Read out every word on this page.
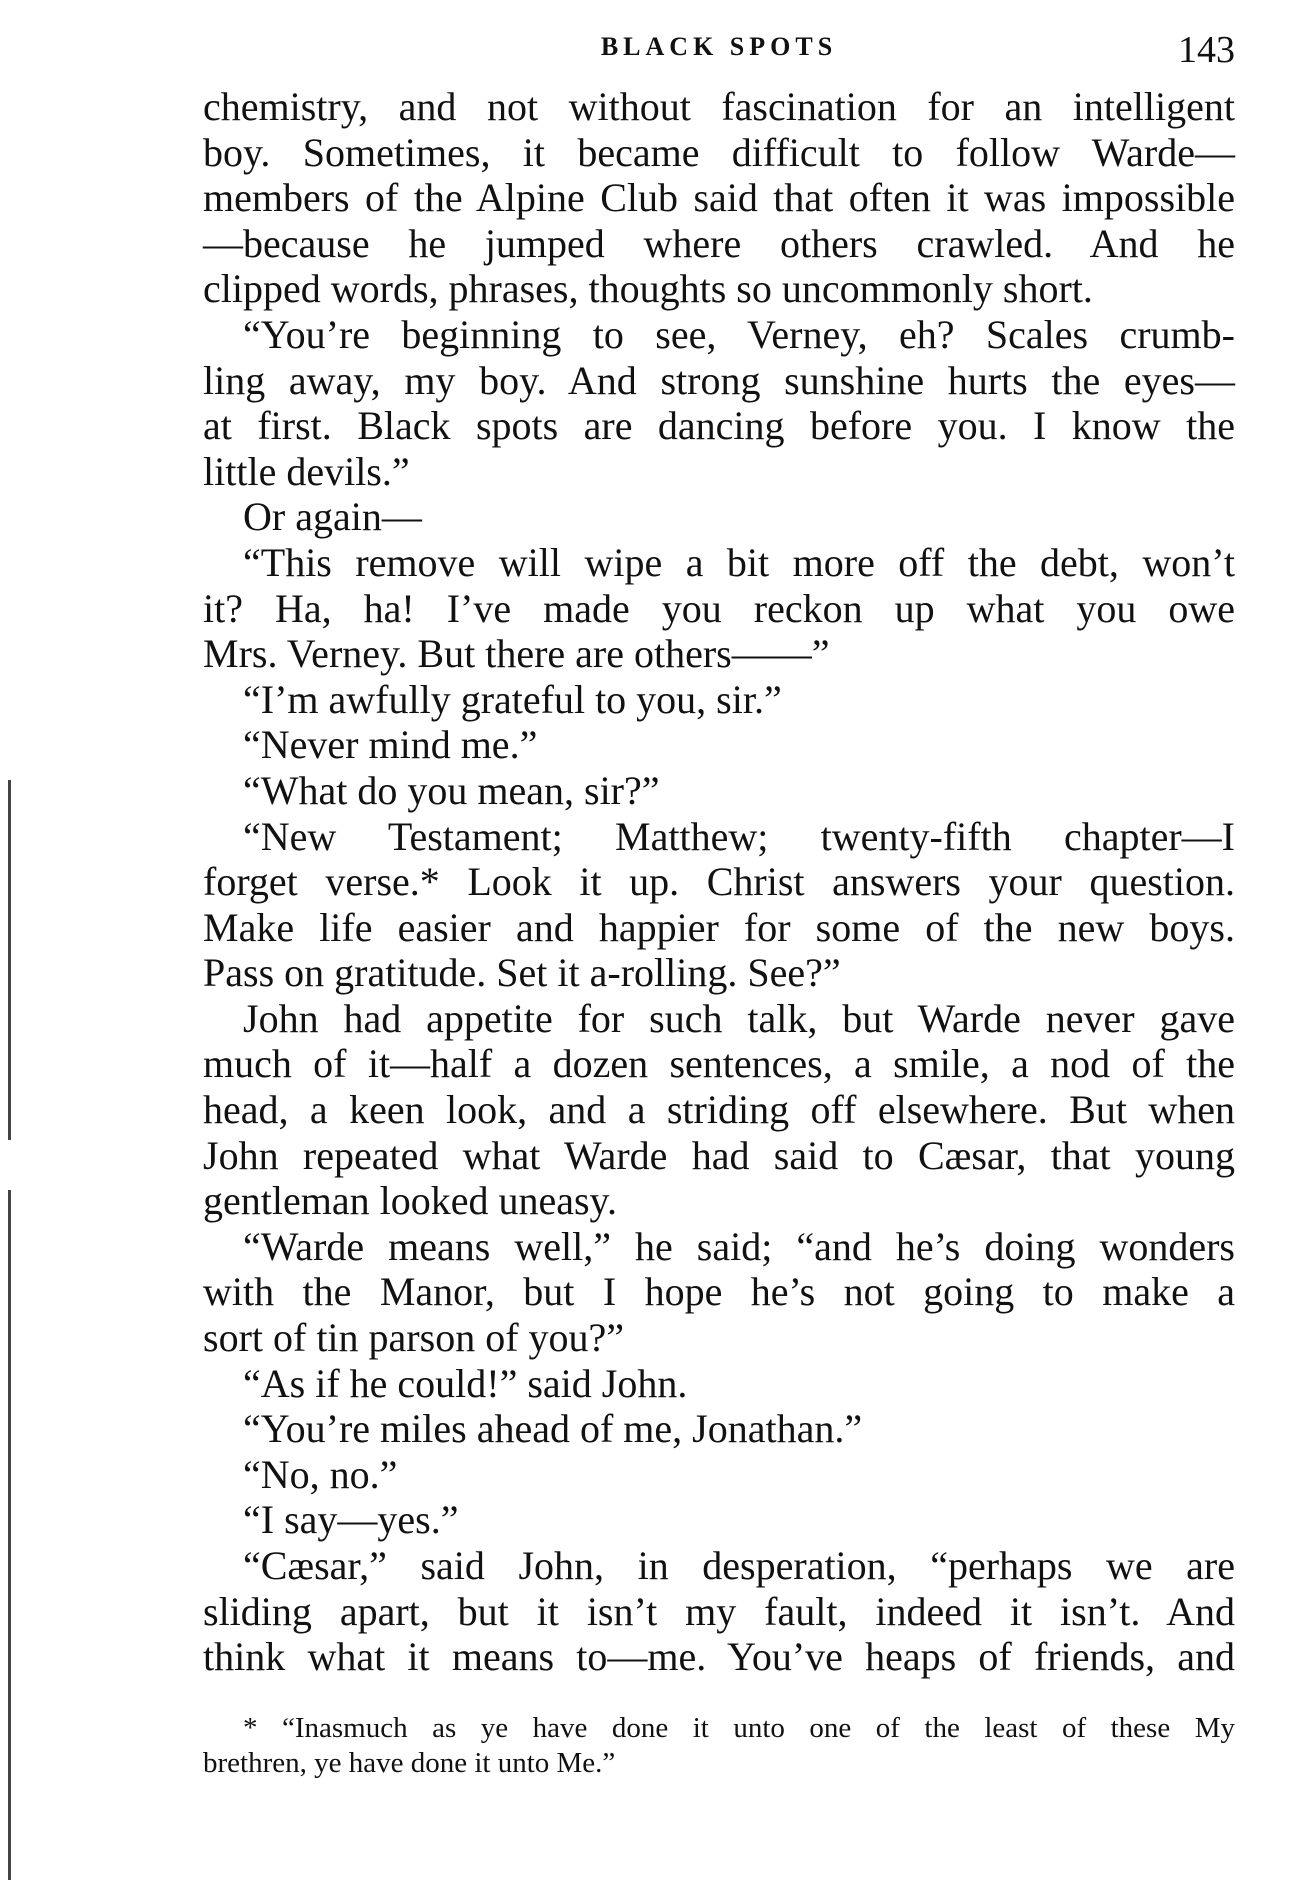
BLACK SPOTS	143
chemistry, and not without fascination for an intelligent
boy. Sometimes, it became difficult to follow Warde—
members of the Alpine Club said that often it was impossible
—because he jumped where others crawled. And he
clipped words, phrases, thoughts so uncommonly short.
“You’re beginning to see, Verney, eh? Scales crumb-
ling away, my boy. And strong sunshine hurts the eyes—
at first. Black spots are dancing before you. I know the
little devils.”
Or again—
“This remove will wipe a bit more off the debt, won’t
it? Ha, ha! I’ve made you reckon up what you owe
Mrs. Verney. But there are others——”
“I’m awfully grateful to you, sir.”
“Never mind me.”
“What do you mean, sir?”
“New Testament; Matthew; twenty-fifth chapter—I
forget verse.* Look it up. Christ answers your question.
Make life easier and happier for some of the new boys.
Pass on gratitude. Set it a-rolling. See?”
John had appetite for such talk, but Warde never gave
much of it—half a dozen sentences, a smile, a nod of the
head, a keen look, and a striding off elsewhere. But when
John repeated what Warde had said to Cæsar, that young
gentleman looked uneasy.
“Warde means well,” he said; “and he’s doing wonders
with the Manor, but I hope he’s not going to make a
sort of tin parson of you?”
“As if he could!” said John.
“You’re miles ahead of me, Jonathan.”
“No, no.”
“I say—yes.”
“Cæsar,” said John, in desperation, “perhaps we are
sliding apart, but it isn’t my fault, indeed it isn’t. And
think what it means to—me. You’ve heaps of friends, and
* “Inasmuch as ye have done it unto one of the least of these My
brethren, ye have done it unto Me.”
